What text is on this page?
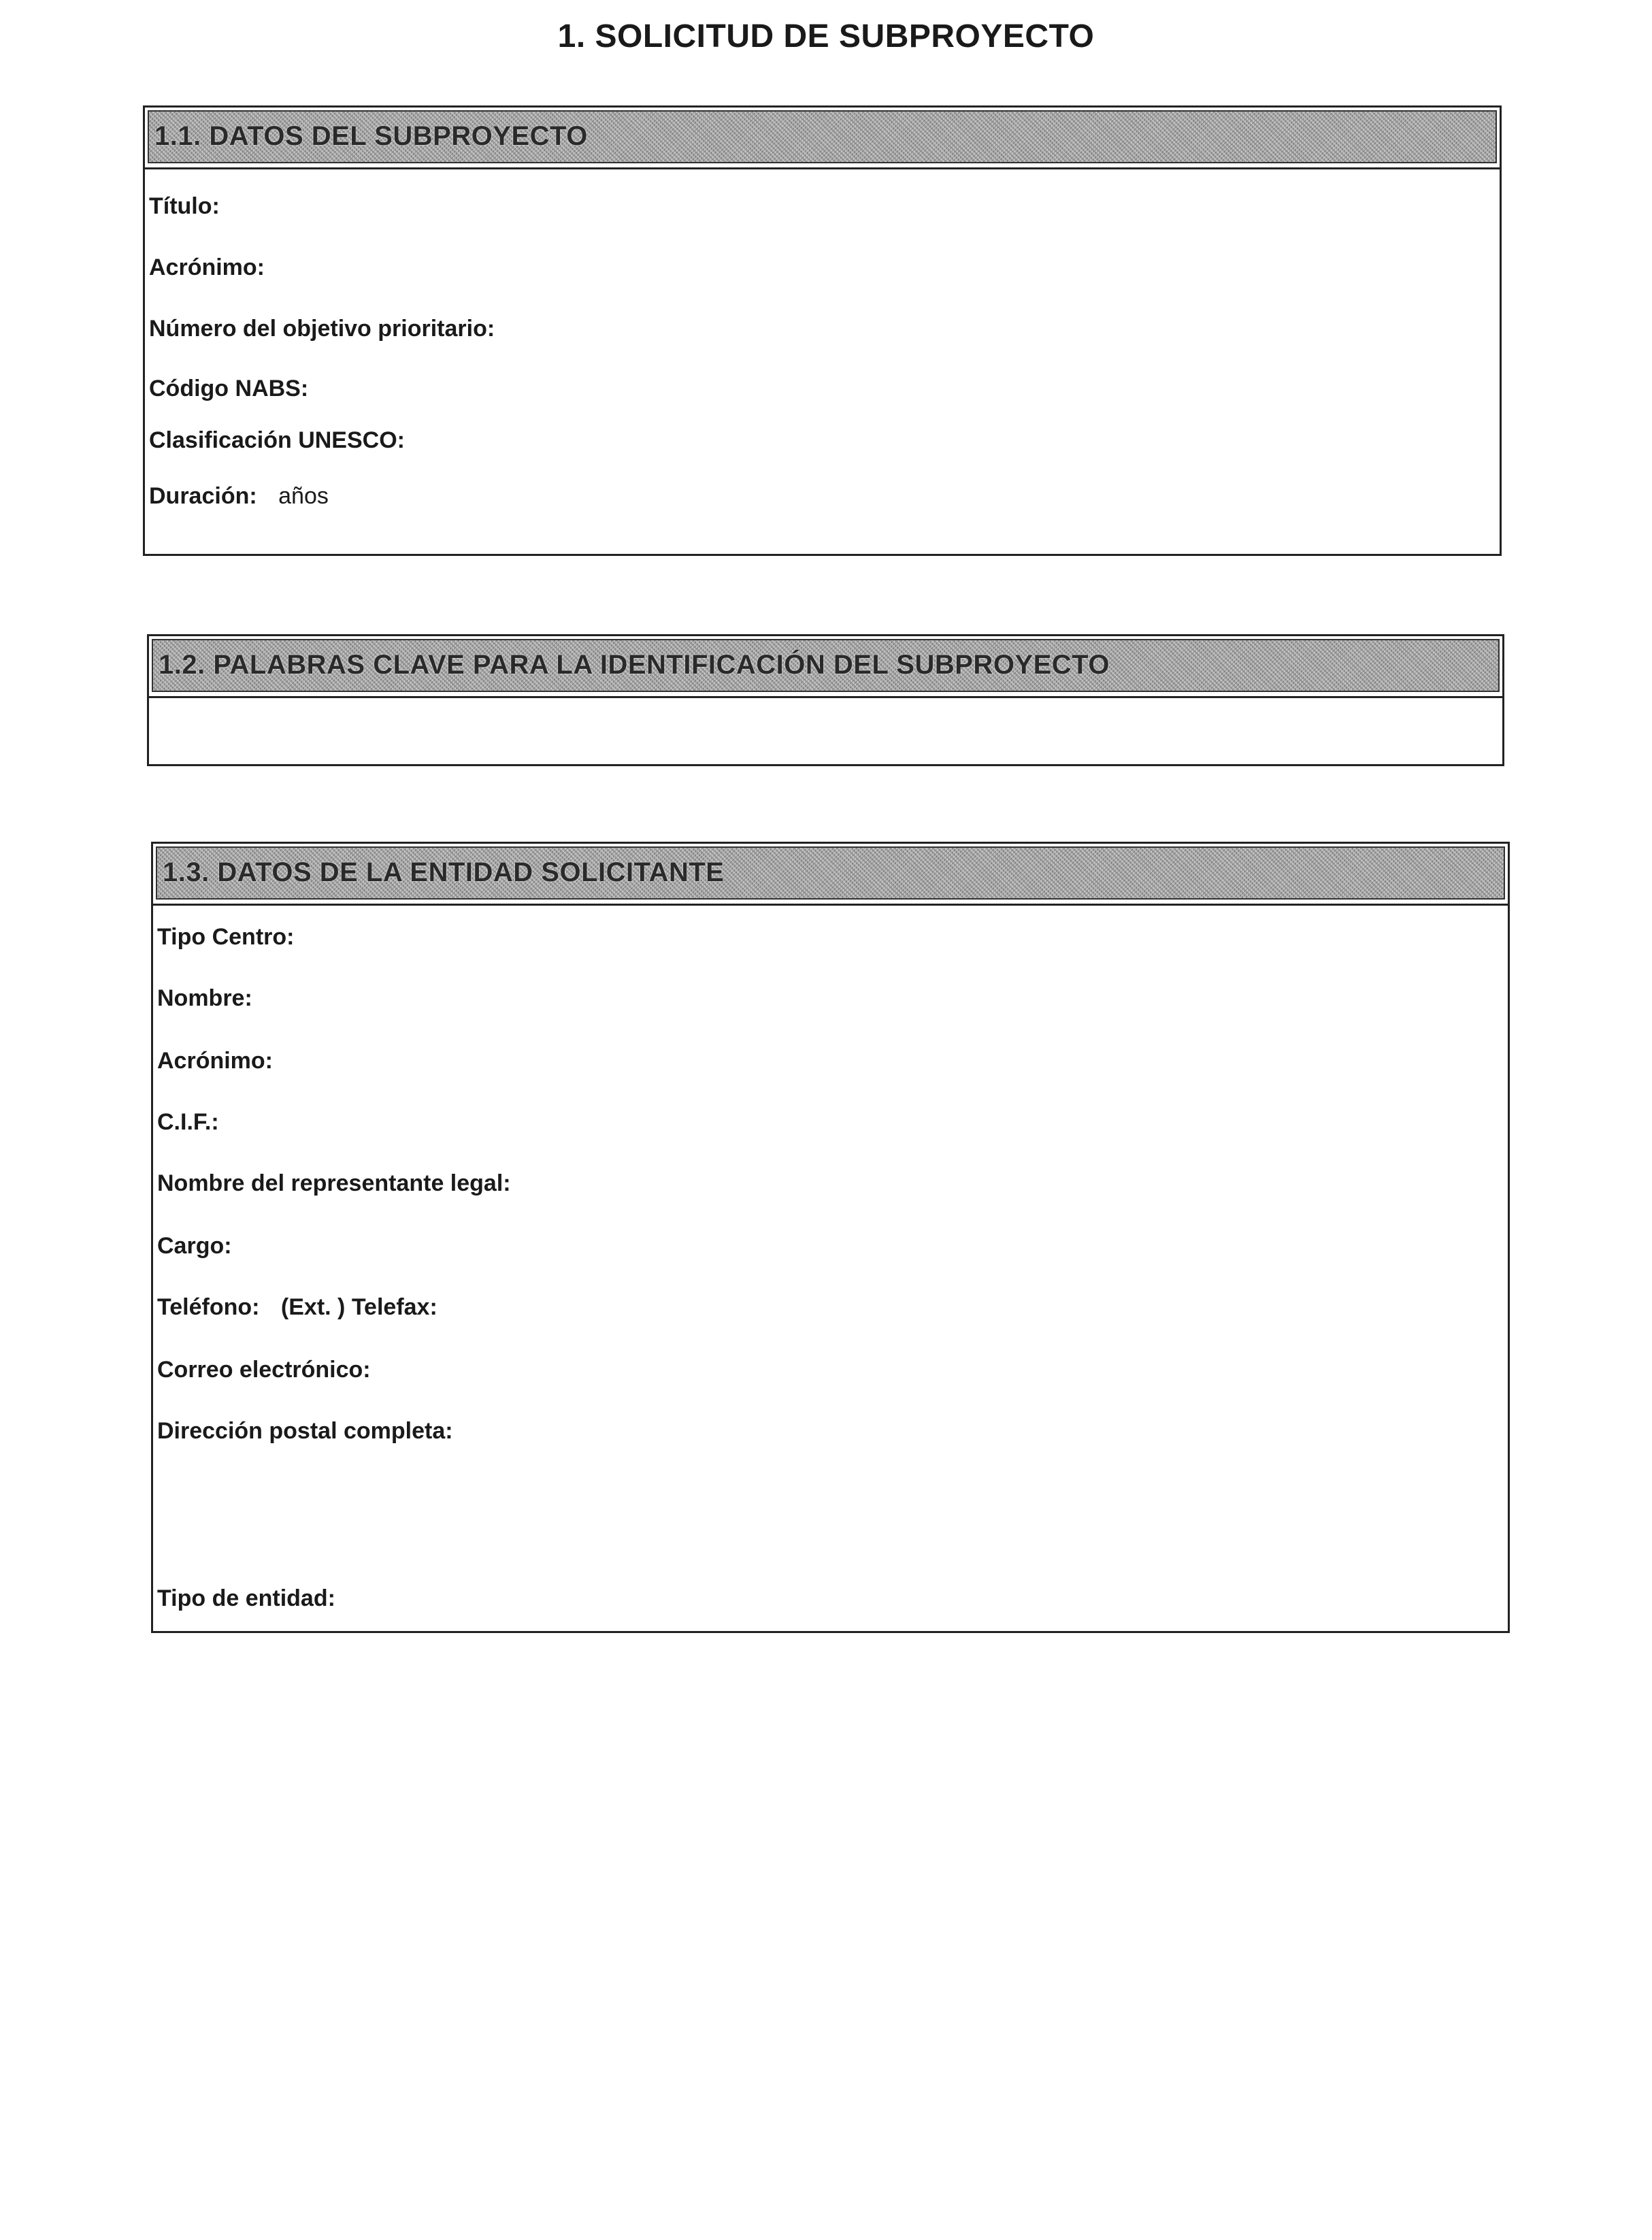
1. SOLICITUD DE SUBPROYECTO
1.1. DATOS DEL SUBPROYECTO
Título:
Acrónimo:
Número del objetivo prioritario:
Código NABS:
Clasificación UNESCO:
Duración: años
1.2. PALABRAS CLAVE PARA LA IDENTIFICACIÓN DEL SUBPROYECTO
1.3. DATOS DE LA ENTIDAD SOLICITANTE
Tipo Centro:
Nombre:
Acrónimo:
C.I.F.:
Nombre del representante legal:
Cargo:
Teléfono: (Ext. ) Telefax:
Correo electrónico:
Dirección postal completa:
Tipo de entidad:
